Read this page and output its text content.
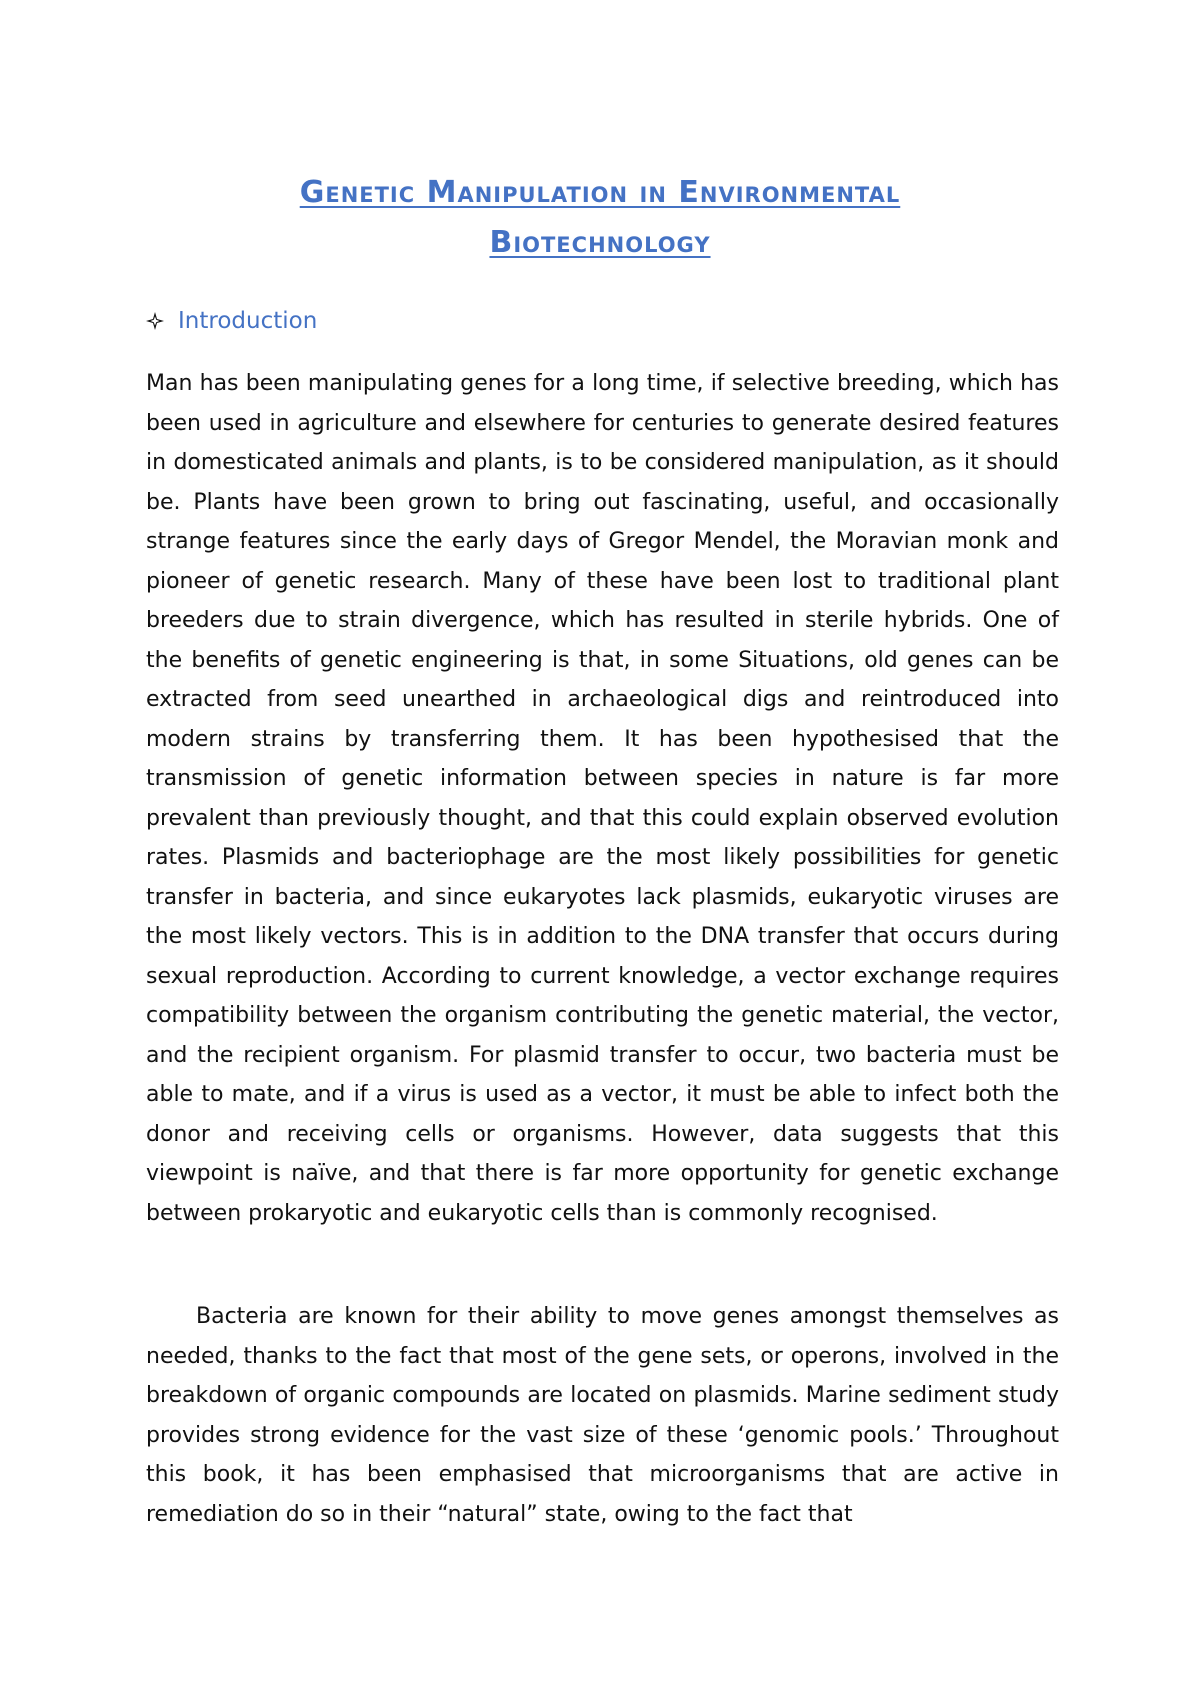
Genetic Manipulation in Environmental
Biotechnology
Introduction

Man has been manipulating genes for a long time, if selective breeding, which has been used in agriculture and elsewhere for centuries to generate desired features in domesticated animals and plants, is to be considered manipulation, as it should be. Plants have been grown to bring out fascinating, useful, and occasionally strange features since the early days of Gregor Mendel, the Moravian monk and pioneer of genetic research. Many of these have been lost to traditional plant breeders due to strain divergence, which has resulted in sterile hybrids. One of the benefits of genetic engineering is that, in some Situations, old genes can be extracted from seed unearthed in archaeological digs and reintroduced into modern strains by transferring them. It has been hypothesised that the transmission of genetic information between species in nature is far more prevalent than previously thought, and that this could explain observed evolution rates. Plasmids and bacteriophage are the most likely possibilities for genetic transfer in bacteria, and since eukaryotes lack plasmids, eukaryotic viruses are the most likely vectors. This is in addition to the DNA transfer that occurs during sexual reproduction. According to current knowledge, a vector exchange requires compatibility between the organism contributing the genetic material, the vector, and the recipient organism. For plasmid transfer to occur, two bacteria must be able to mate, and if a virus is used as a vector, it must be able to infect both the donor and receiving cells or organisms. However, data suggests that this viewpoint is naïve, and that there is far more opportunity for genetic exchange between prokaryotic and eukaryotic cells than is commonly recognised.

Bacteria are known for their ability to move genes amongst themselves as needed, thanks to the fact that most of the gene sets, or operons, involved in the breakdown of organic compounds are located on plasmids. Marine sediment study provides strong evidence for the vast size of these ‘genomic pools.’ Throughout this book, it has been emphasised that microorganisms that are active in remediation do so in their “natural” state, owing to the fact that
